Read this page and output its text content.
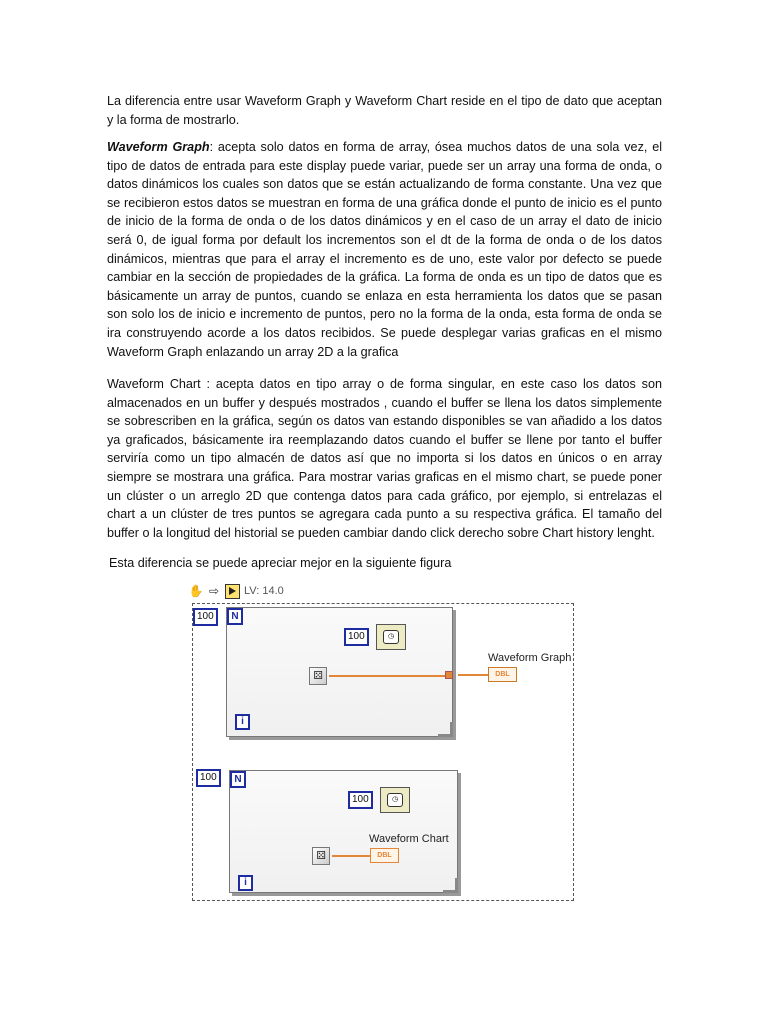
La diferencia entre usar Waveform Graph y Waveform Chart reside en el tipo de dato que aceptan y la forma de mostrarlo.
Waveform Graph: acepta solo datos en forma de array, ósea muchos datos de una sola vez, el tipo de datos de entrada para este display puede variar, puede ser un array una forma de onda, o datos dinámicos los cuales son datos que se están actualizando de forma constante. Una vez que se recibieron estos datos se muestran en forma de una gráfica donde el punto de inicio es el punto de inicio de la forma de onda o de los datos dinámicos y en el caso de un array el dato de inicio será 0, de igual forma por default los incrementos son el dt de la forma de onda o de los datos dinámicos, mientras que para el array el incremento es de uno, este valor por defecto se puede cambiar en la sección de propiedades de la gráfica. La forma de onda es un tipo de datos que es básicamente un array de puntos, cuando se enlaza en esta herramienta los datos que se pasan son solo los de inicio e incremento de puntos, pero no la forma de la onda, esta forma de onda se ira construyendo acorde a los datos recibidos. Se puede desplegar varias graficas en el mismo Waveform Graph enlazando un array 2D a la grafica
Waveform Chart : acepta datos en tipo array o de forma singular, en este caso los datos son almacenados en un buffer y después mostrados , cuando el buffer se llena los datos simplemente se sobrescriben en la gráfica, según os datos van estando disponibles se van añadido a los datos ya graficados, básicamente ira reemplazando datos cuando el buffer se llene por tanto el buffer serviría como un tipo almacén de datos así que no importa si los datos en únicos o en array siempre se mostrara una gráfica. Para mostrar varias graficas en el mismo chart, se puede poner un clúster o un arreglo 2D que contenga datos para cada gráfico, por ejemplo, si entrelazas el chart a un clúster de tres puntos se agregara cada punto a su respectiva gráfica. El tamaño del buffer o la longitud del historial se pueden cambiar dando click derecho sobre Chart history lenght.
Esta diferencia se puede apreciar mejor en la siguiente figura
✋ ⇨ LV: 14.0
100	N
100	◷
⚄
i
Waveform Graph
DBL
100	N
100	◷
Waveform Chart
⚄	DBL
i
